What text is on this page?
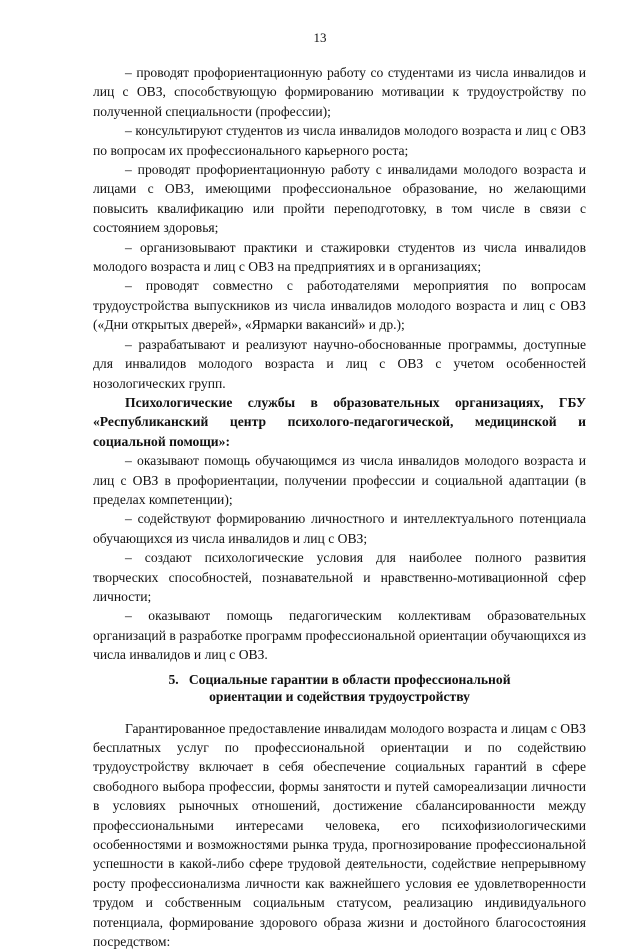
13

– проводят профориентационную работу со студентами из числа инвалидов и лиц с ОВЗ, способствующую формированию мотивации к трудоустройству по полученной специальности (профессии);

– консультируют студентов из числа инвалидов молодого возраста и лиц с ОВЗ по вопросам их профессионального карьерного роста;

– проводят профориентационную работу с инвалидами молодого возраста и лицами с ОВЗ, имеющими профессиональное образование, но желающими повысить квалификацию или пройти переподготовку, в том числе в связи с состоянием здоровья;

– организовывают практики и стажировки студентов из числа инвалидов молодого возраста и лиц с ОВЗ на предприятиях и в организациях;

– проводят совместно с работодателями мероприятия по вопросам трудоустройства выпускников из числа инвалидов молодого возраста и лиц с ОВЗ («Дни открытых дверей», «Ярмарки вакансий» и др.);

– разрабатывают и реализуют научно-обоснованные программы, доступные для инвалидов молодого возраста и лиц с ОВЗ с учетом особенностей нозологических групп.

Психологические службы в образовательных организациях, ГБУ «Республиканский центр психолого-педагогической, медицинской и социальной помощи»:

– оказывают помощь обучающимся из числа инвалидов молодого возраста и лиц с ОВЗ в профориентации, получении профессии и социальной адаптации (в пределах компетенции);

– содействуют формированию личностного и интеллектуального потенциала обучающихся из числа инвалидов и лиц с ОВЗ;

– создают психологические условия для наиболее полного развития творческих способностей, познавательной и нравственно-мотивационной сфер личности;

– оказывают помощь педагогическим коллективам образовательных организаций в разработке программ профессиональной ориентации обучающихся из числа инвалидов и лиц с ОВЗ.

5.   Социальные гарантии в области профессиональной
ориентации и содействия трудоустройству

Гарантированное предоставление инвалидам молодого возраста и лицам с ОВЗ бесплатных услуг по профессиональной ориентации и по содействию трудоустройству включает в себя обеспечение социальных гарантий в сфере свободного выбора профессии, формы занятости и путей самореализации личности в условиях рыночных отношений, достижение сбалансированности между профессиональными интересами человека, его психофизиологическими особенностями и возможностями рынка труда, прогнозирование профессиональной успешности в какой-либо сфере трудовой деятельности, содействие непрерывному росту профессионализма личности как важнейшего условия ее удовлетворенности трудом и собственным социальным статусом, реализацию индивидуального потенциала, формирование здорового образа жизни и достойного благосостояния посредством:
